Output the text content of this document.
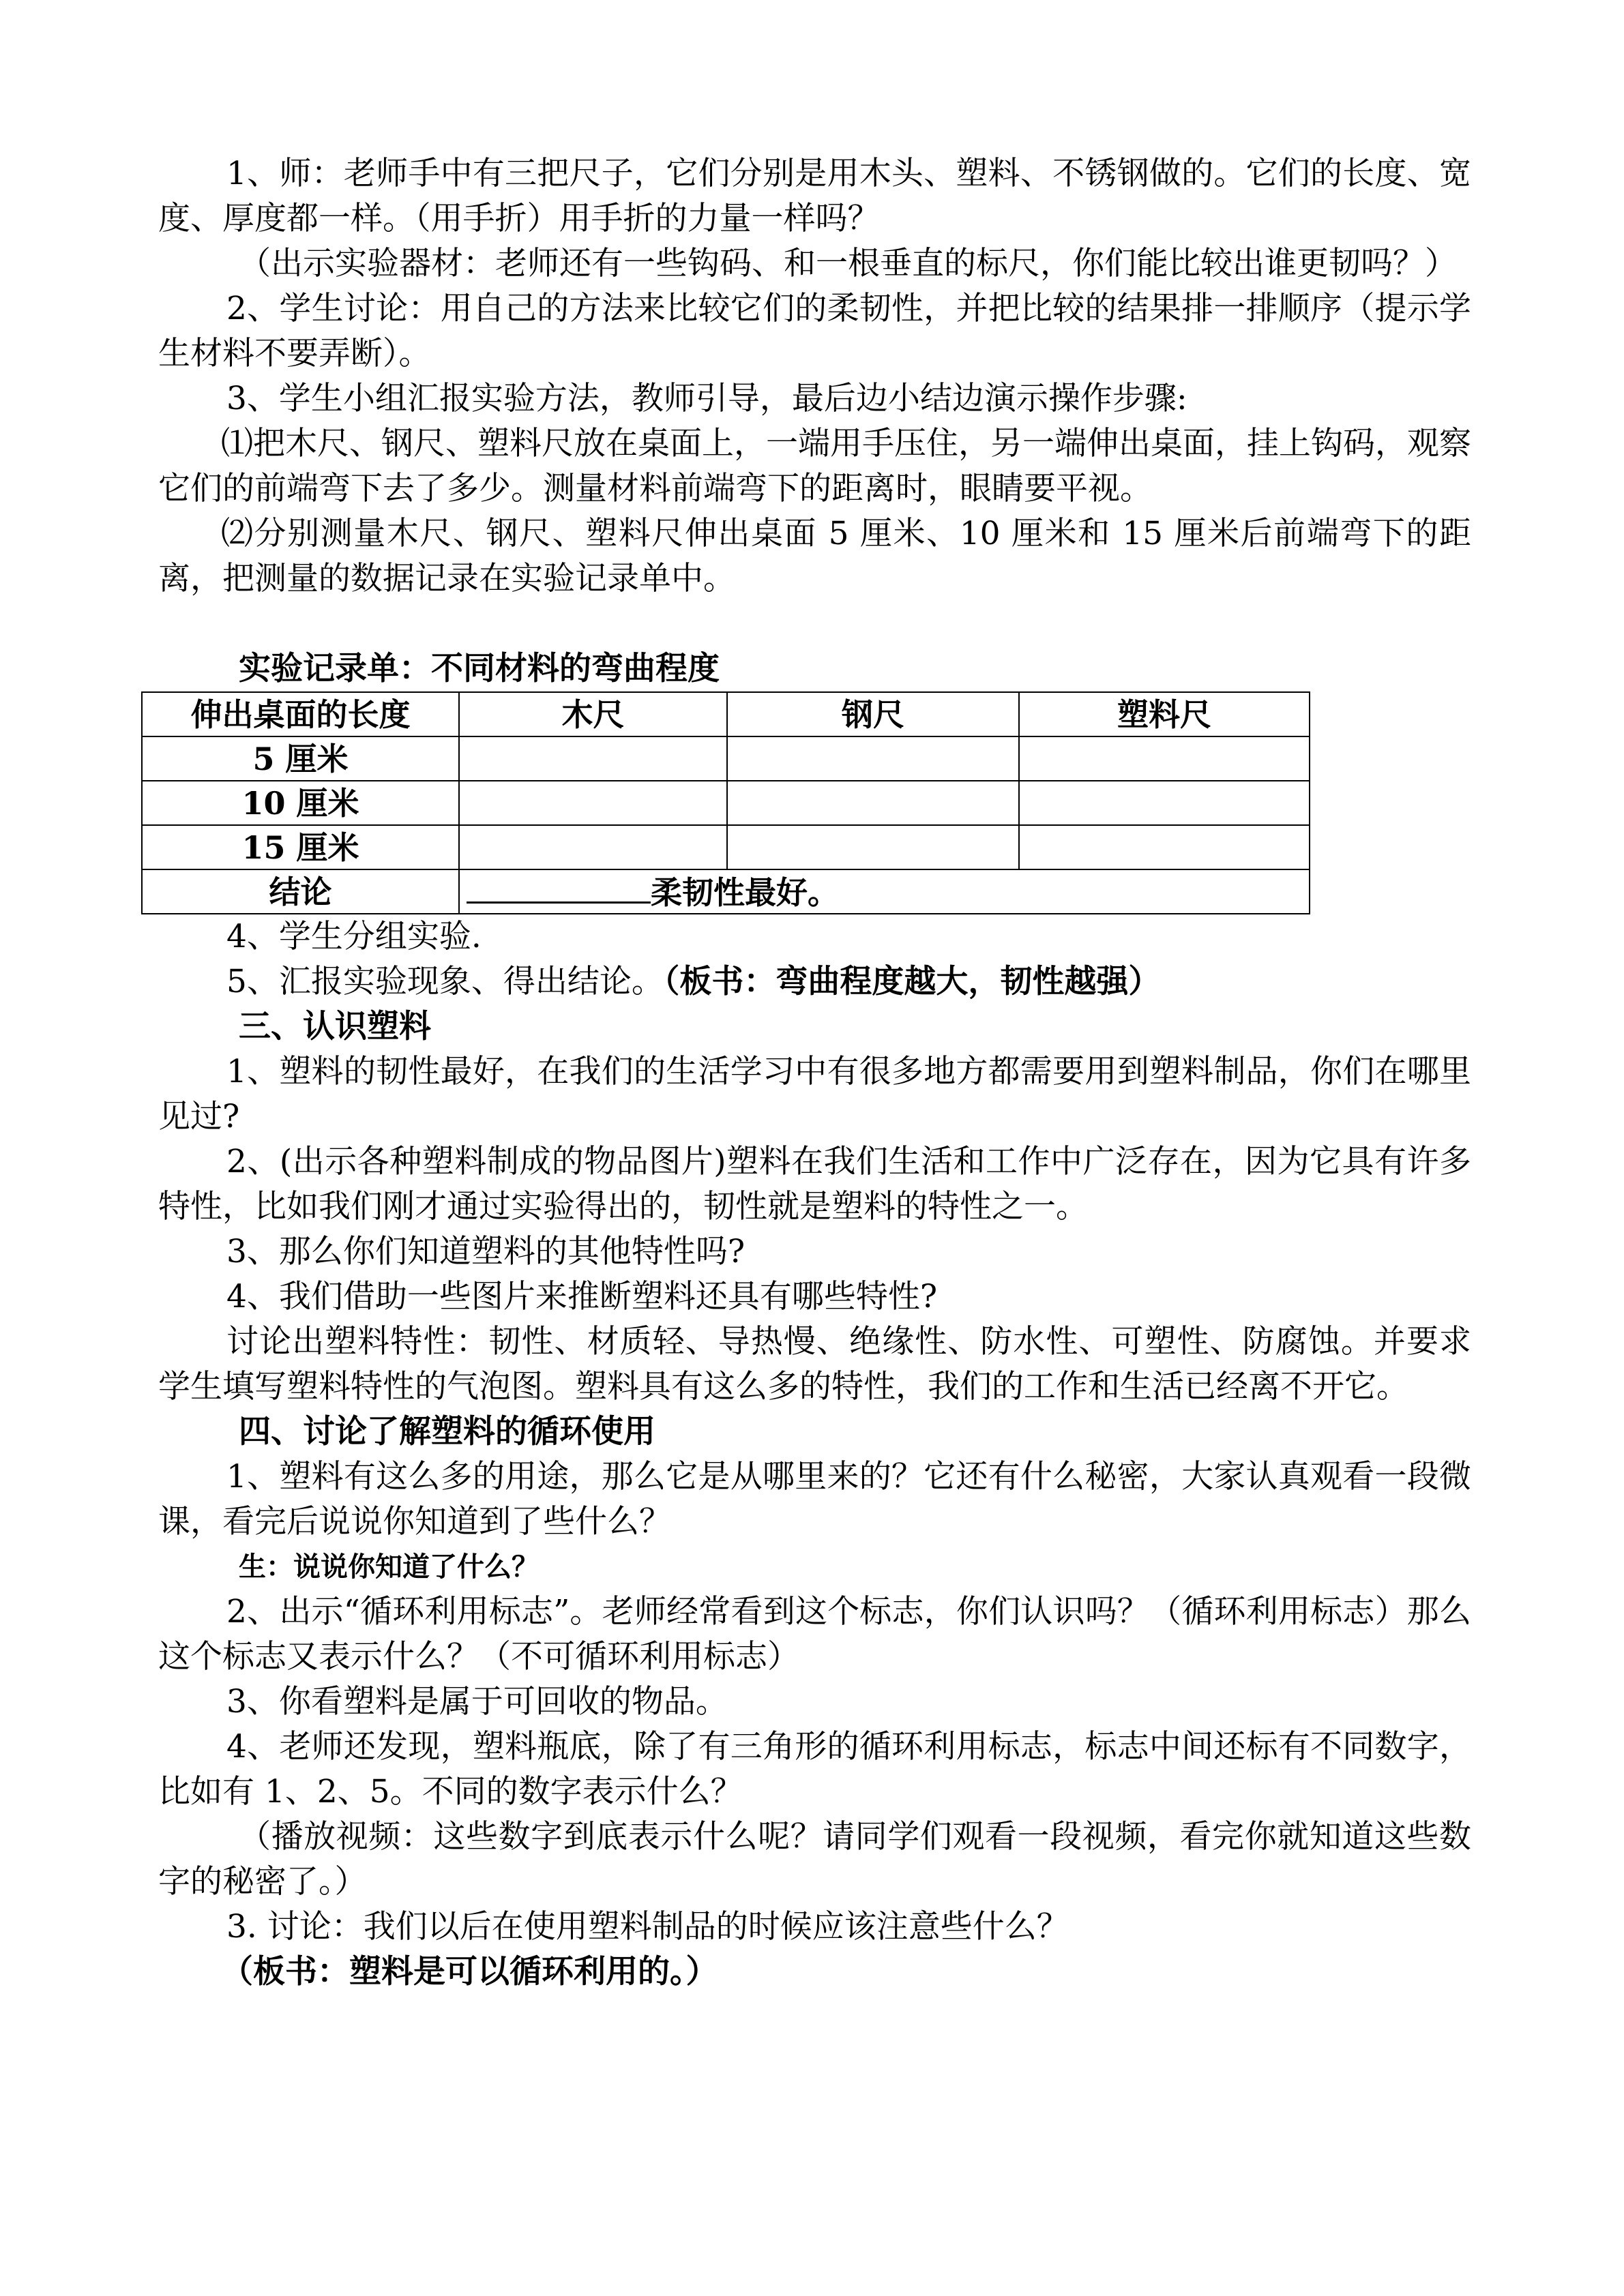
1、师：老师手中有三把尺子，它们分别是用木头、塑料、不锈钢做的。它们的长度、宽度、厚度都一样。（用手折）用手折的力量一样吗？

（出示实验器材：老师还有一些钩码、和一根垂直的标尺，你们能比较出谁更韧吗？）

2、学生讨论：用自己的方法来比较它们的柔韧性，并把比较的结果排一排顺序（提示学生材料不要弄断）。

3、学生小组汇报实验方法，教师引导，最后边小结边演示操作步骤:

⑴把木尺、钢尺、塑料尺放在桌面上，一端用手压住，另一端伸出桌面，挂上钩码，观察它们的前端弯下去了多少。测量材料前端弯下的距离时，眼睛要平视。

⑵分别测量木尺、钢尺、塑料尺伸出桌面 5 厘米、10 厘米和 15 厘米后前端弯下的距离，把测量的数据记录在实验记录单中。

实验记录单：不同材料的弯曲程度

伸出桌面的长度	木尺	钢尺	塑料尺
5 厘米			
10 厘米			
15 厘米			
结论	柔韧性最好。		

4、学生分组实验.

5、汇报实验现象、得出结论。（板书：弯曲程度越大，韧性越强）

三、认识塑料

1、塑料的韧性最好，在我们的生活学习中有很多地方都需要用到塑料制品，你们在哪里见过?

2、(出示各种塑料制成的物品图片)塑料在我们生活和工作中广泛存在，因为它具有许多特性，比如我们刚才通过实验得出的，韧性就是塑料的特性之一。

3、那么你们知道塑料的其他特性吗?

4、我们借助一些图片来推断塑料还具有哪些特性?

讨论出塑料特性：韧性、材质轻、导热慢、绝缘性、防水性、可塑性、防腐蚀。并要求学生填写塑料特性的气泡图。塑料具有这么多的特性，我们的工作和生活已经离不开它。

四、讨论了解塑料的循环使用

1、塑料有这么多的用途，那么它是从哪里来的？它还有什么秘密，大家认真观看一段微课，看完后说说你知道到了些什么？

生：说说你知道了什么？

2、出示“循环利用标志”。老师经常看到这个标志，你们认识吗？（循环利用标志）那么这个标志又表示什么？（不可循环利用标志）

3、你看塑料是属于可回收的物品。

4、老师还发现，塑料瓶底，除了有三角形的循环利用标志，标志中间还标有不同数字，比如有 1、2、5。不同的数字表示什么？

（播放视频：这些数字到底表示什么呢？请同学们观看一段视频，看完你就知道这些数字的秘密了。）

3. 讨论：我们以后在使用塑料制品的时候应该注意些什么？

（板书：塑料是可以循环利用的。）
